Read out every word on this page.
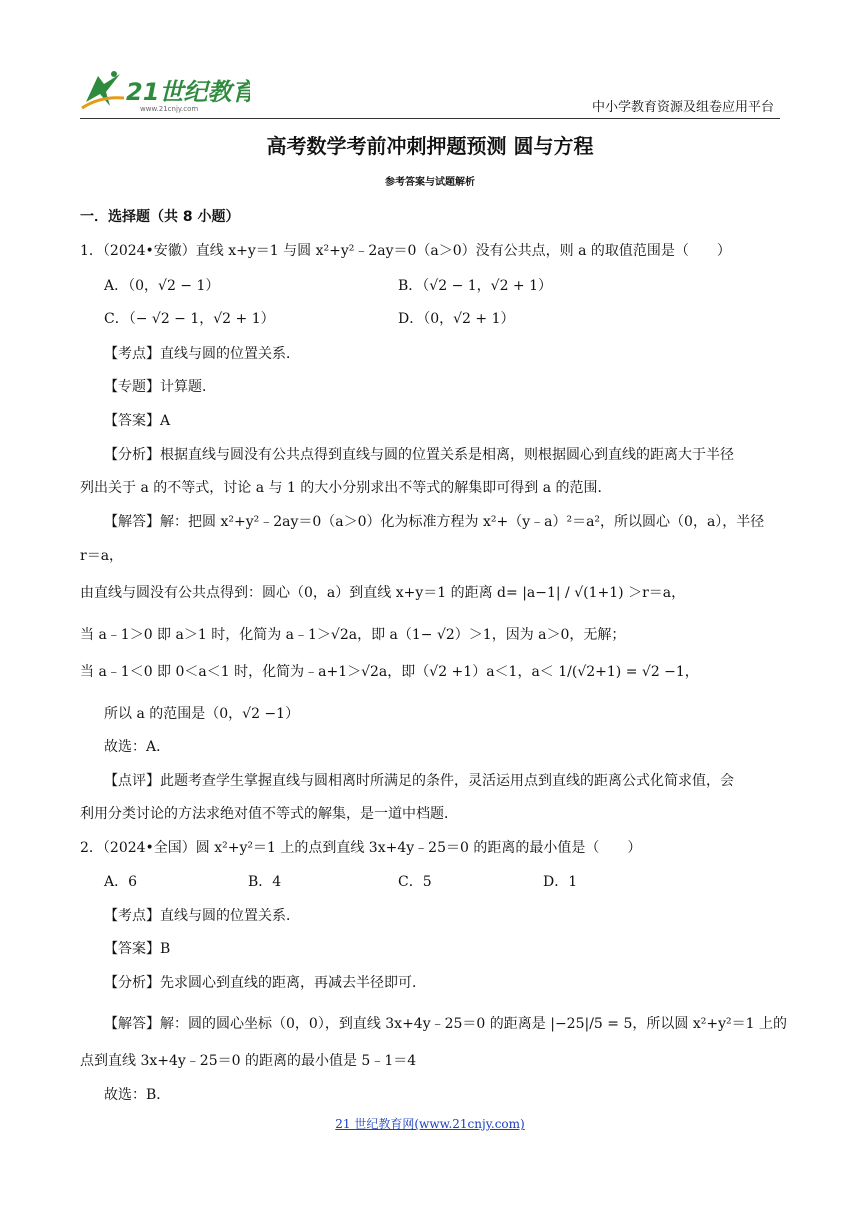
21世纪教育
www.21cnjy.com	中小学教育资源及组卷应用平台
高考数学考前冲刺押题预测 圆与方程
参考答案与试题解析
一．选择题（共 8 小题）
1．（2024•安徽）直线 x+y＝1 与圆 x²+y²﹣2ay＝0（a＞0）没有公共点，则 a 的取值范围是（　　）
A．（0，√2 − 1）	B．（√2 − 1，√2 + 1）
C．（− √2 − 1，√2 + 1）	D．（0，√2 + 1）
【考点】直线与圆的位置关系．
【专题】计算题．
【答案】A
【分析】根据直线与圆没有公共点得到直线与圆的位置关系是相离，则根据圆心到直线的距离大于半径
列出关于 a 的不等式，讨论 a 与 1 的大小分别求出不等式的解集即可得到 a 的范围．
【解答】解：把圆 x²+y²﹣2ay＝0（a＞0）化为标准方程为 x²+（y﹣a）²＝a²，所以圆心（0，a），半径
r＝a，
由直线与圆没有公共点得到：圆心（0，a）到直线 x+y＝1 的距离 d= |a−1| / √(1+1) ＞r＝a，
当 a﹣1＞0 即 a＞1 时，化简为 a﹣1＞√2a，即 a（1− √2）＞1，因为 a＞0，无解；
当 a﹣1＜0 即 0＜a＜1 时，化简为﹣a+1＞√2a，即（√2 +1）a＜1，a＜ 1/(√2+1) = √2 −1，
所以 a 的范围是（0，√2 −1）
故选：A．
【点评】此题考查学生掌握直线与圆相离时所满足的条件，灵活运用点到直线的距离公式化简求值，会
利用分类讨论的方法求绝对值不等式的解集，是一道中档题．
2．（2024•全国）圆 x²+y²＝1 上的点到直线 3x+4y﹣25＝0 的距离的最小值是（　　）
A．6	B．4	C．5	D．1
【考点】直线与圆的位置关系．
【答案】B
【分析】先求圆心到直线的距离，再减去半径即可．
【解答】解：圆的圆心坐标（0，0），到直线 3x+4y﹣25＝0 的距离是 |−25|/5 = 5，所以圆 x²+y²＝1 上的
点到直线 3x+4y﹣25＝0 的距离的最小值是 5﹣1＝4
故选：B．
21 世纪教育网(www.21cnjy.com)
